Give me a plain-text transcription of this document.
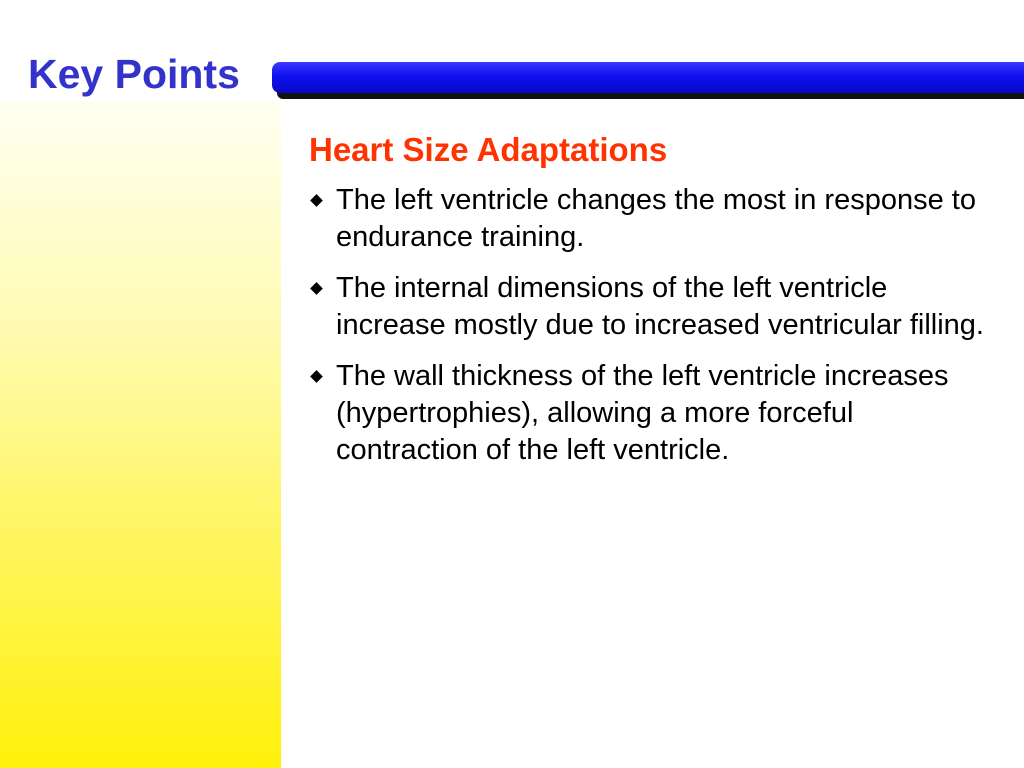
Key Points
Heart Size Adaptations
The left ventricle changes the most in response to endurance training.
The internal dimensions of the left ventricle increase mostly due to increased ventricular filling.
The wall thickness of the left ventricle increases (hypertrophies), allowing a more forceful contraction of the left ventricle.
